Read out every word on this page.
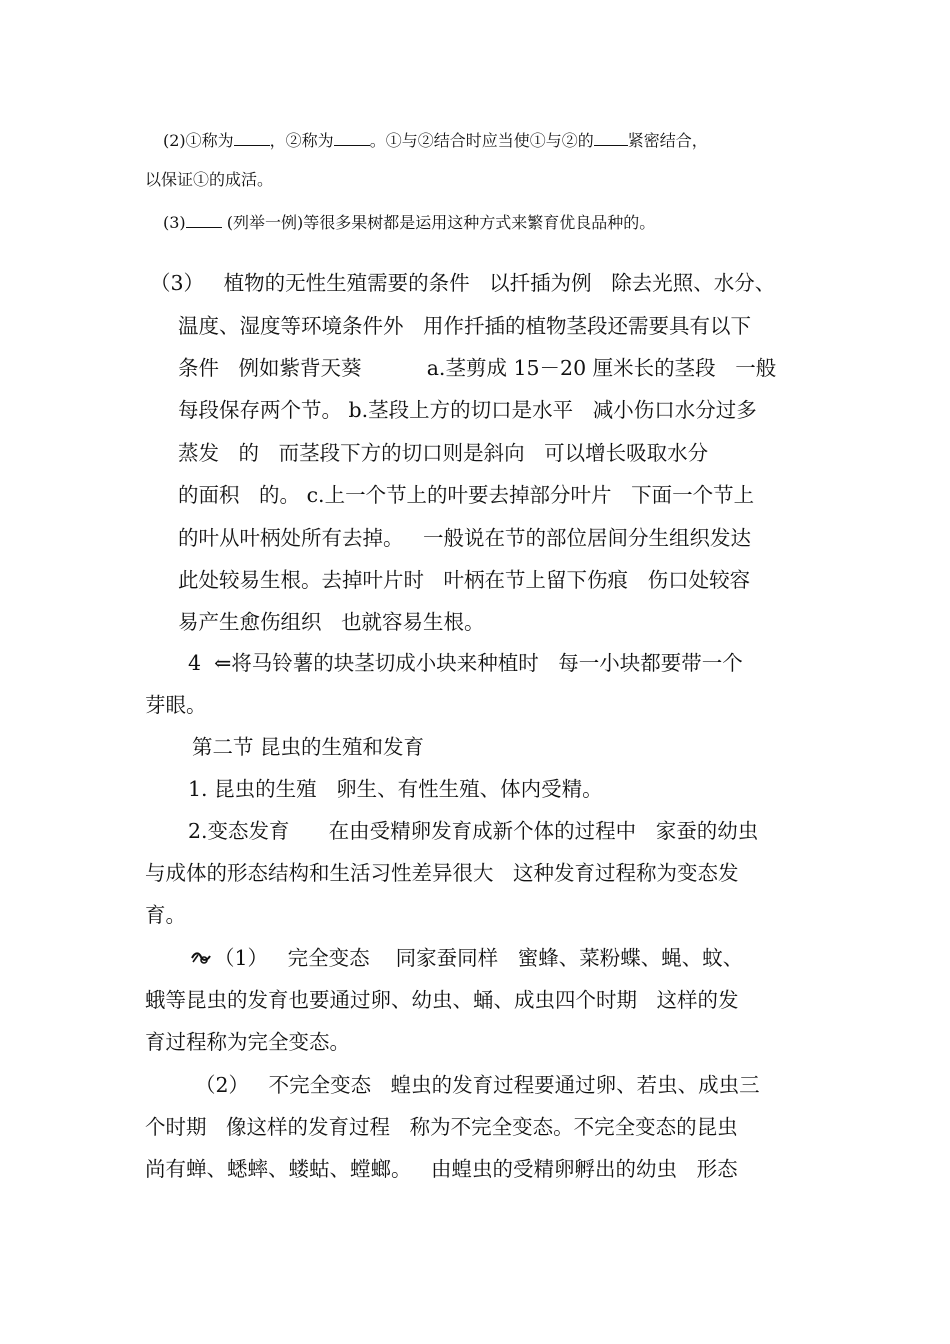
(2)①称为 ，②称为 。①与②结合时应当使①与②的 紧密结合，
以保证①的成活。
(3) (列举一例)等很多果树都是运用这种方式来繁育优良品种的。
（3）   植物的无性生殖需要的条件   以扦插为例   除去光照、水分、
温度、湿度等环境条件外   用作扦插的植物茎段还需要具有以下
条件   例如紫背天葵          a.茎剪成 15－20 厘米长的茎段   一般
每段保存两个节。 b.茎段上方的切口是水平   减小伤口水分过多
蒸发   的   而茎段下方的切口则是斜向   可以增长吸取水分
的面积   的。 c.上一个节上的叶要去掉部分叶片   下面一个节上
的叶从叶柄处所有去掉。   一般说在节的部位居间分生组织发达
此处较易生根。去掉叶片时   叶柄在节上留下伤痕   伤口处较容
易产生愈伤组织   也就容易生根。
4  ⇐将马铃薯的块茎切成小块来种植时   每一小块都要带一个
芽眼。
第二节 昆虫的生殖和发育
1. 昆虫的生殖   卵生、有性生殖、体内受精。
2.变态发育      在由受精卵发育成新个体的过程中   家蚕的幼虫
与成体的形态结构和生活习性差异很大   这种发育过程称为变态发
育。
（1）   完全变态    同家蚕同样   蜜蜂、菜粉蝶、蝇、蚊、
蛾等昆虫的发育也要通过卵、幼虫、蛹、成虫四个时期   这样的发
育过程称为完全变态。
（2）   不完全变态   蝗虫的发育过程要通过卵、若虫、成虫三
个时期   像这样的发育过程   称为不完全变态。不完全变态的昆虫
尚有蝉、蟋蟀、蝼蛄、螳螂。   由蝗虫的受精卵孵出的幼虫   形态
